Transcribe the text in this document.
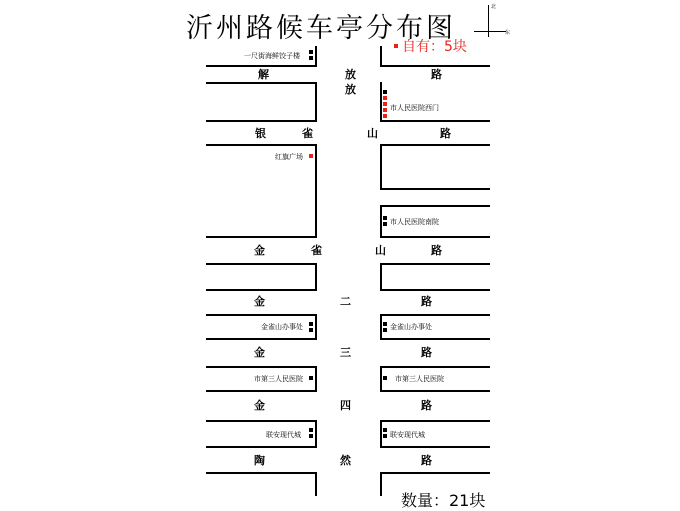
沂州路候车亭分布图
北
东
自有：5块
解	放	路
放
银	雀	山	路
金	雀	山	路
金	二	路
金	三	路
金	四	路
陶	然	路
一尺街海鲜饺子楼
市人民医院西门
红旗广场
市人民医院南院
金雀山办事处	金雀山办事处
市第三人民医院	市第三人民医院
联安现代城	联安现代城
数量：21块
